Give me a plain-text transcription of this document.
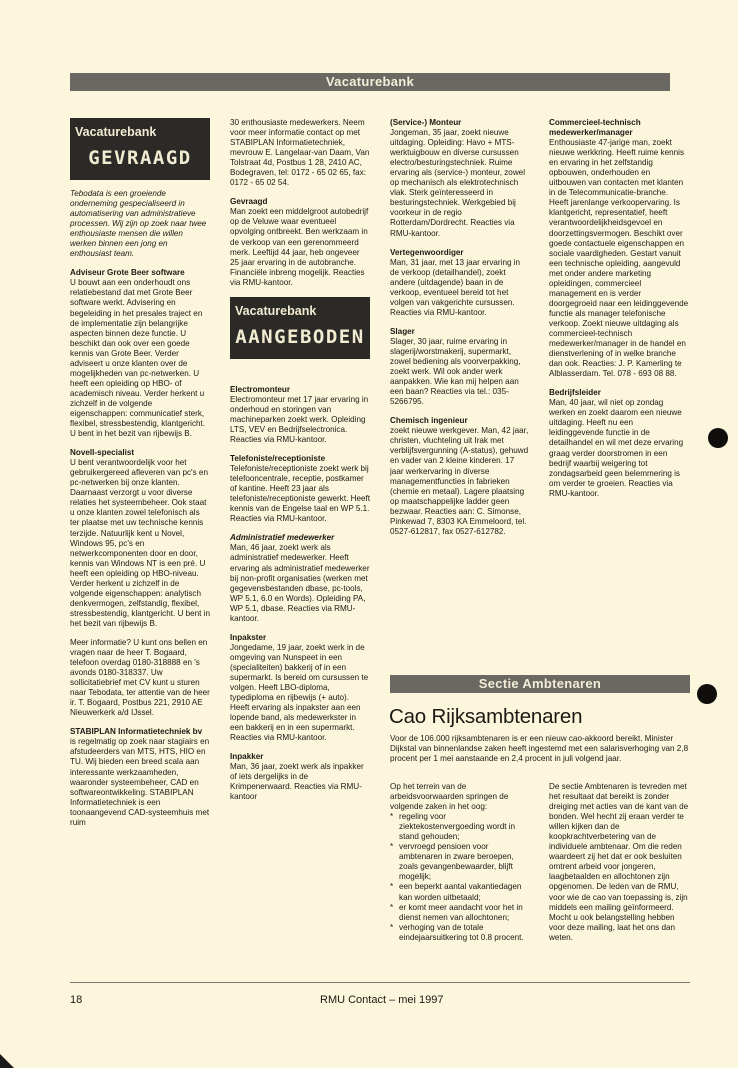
Vacaturebank
Vacaturebank
GEVRAAGD

Tebodata is een groeiende onderneming gespecialiseerd in automatisering van administratieve processen. Wij zijn op zoek naar twee enthousiaste mensen die willen werken binnen een jong en enthousiast team.

Adviseur Grote Beer software
U bouwt aan een onderhoudt ons relatiebestand dat met Grote Beer software werkt. Advisering en begeleiding in het presales traject en de implementatie zijn belangrijke aspecten binnen deze functie. U beschikt dan ook over een goede kennis van Grote Beer. Verder adviseert u onze klanten over de mogelijkheden van pc-netwerken. U heeft een opleiding op HBO- of academisch niveau. Verder herkent u zichzelf in de volgende eigenschappen: communicatief sterk, flexibel, stressbestendig, klantgericht. U bent in het bezit van rijbewijs B.

Novell-specialist
U bent verantwoordelijk voor het gebruikergereed afleveren van pc's en pc-netwerken bij onze klanten. Daarnaast verzorgt u voor diverse relaties het systeembeheer. Ook staat u onze klanten zowel telefonisch als ter plaatse met uw technische kennis terzijde. Natuurlijk kent u Novel, Windows 95, pc's en netwerkcomponenten door en door, kennis van Windows NT is een pré. U heeft een opleiding op HBO-niveau. Verder herkent u zichzelf in de volgende eigenschappen: analytisch denkvermogen, zelfstandig, flexibel, stressbestendig, klantgericht. U bent in het bezit van rijbewijs B.

Meer informatie? U kunt ons bellen en vragen naar de heer T. Bogaard, telefoon overdag 0180-318888 en 's avonds 0180-318337. Uw sollicitatiebrief met CV kunt u sturen naar Tebodata, ter attentie van de heer ir. T. Bogaard, Postbus 221, 2910 AE Nieuwerkerk a/d IJssel.

STABIPLAN Informatietechniek bv is regelmatig op zoek naar stagiairs en afstudeerders van MTS, HTS, HIO en TU. Wij bieden een breed scala aan interessante werkzaamheden, waaronder systeembeheer, CAD en softwareontwikkeling. STABIPLAN Informatietechniek is een toonaangevend CAD-systeemhuis met ruim

30 enthousiaste medewerkers. Neem voor meer informatie contact op met STABIPLAN Informatietechniek, mevrouw E. Langelaar-van Daam, Van Tolstraat 4d, Postbus 1 28, 2410 AC, Bodegraven, tel: 0172 - 65 02 65, fax: 0172 - 65 02 54.

Gevraagd
Man zoekt een middelgroot autobedrijf op de Veluwe waar eventueel opvolging ontbreekt. Ben werkzaam in de verkoop van een gerenommeerd merk. Leeftijd 44 jaar, heb ongeveer 25 jaar ervaring in de autobranche. Financiële inbreng mogelijk. Reacties via RMU-kantoor.

Vacaturebank
AANGEBODEN

Electromonteur
Electromonteur met 17 jaar ervaring in onderhoud en storingen van machineparken zoekt werk. Opleiding LTS, VEV en Bedrijfselectronica. Reacties via RMU-kantoor.

Telefoniste/receptioniste
Telefoniste/receptioniste zoekt werk bij telefooncentrale, receptie, postkamer of kantine. Heeft 23 jaar als telefoniste/receptioniste gewerkt. Heeft kennis van de Engelse taal en WP 5.1. Reacties via RMU-kantoor.

Administratief medewerker
Man, 46 jaar, zoekt werk als administratief medewerker. Heeft ervaring als administratief medewerker bij non-profit organisaties (werken met gegevensbestanden dbase, pc-tools, WP 5.1, 6.0 en Words). Opleiding PA, WP 5.1, dbase. Reacties via RMU-kantoor.

Inpakster
Jongedame, 19 jaar, zoekt werk in de omgeving van Nunspeet in een (specialiteiten) bakkerij of in een supermarkt. Is bereid om cursussen te volgen. Heeft LBO-diploma, typediploma en rijbewijs (+ auto). Heeft ervaring als inpakster aan een lopende band, als medewerkster in een bakkerij en in een supermarkt. Reacties via RMU-kantoor.

Inpakker
Man, 36 jaar, zoekt werk als inpakker of iets dergelijks in de Krimpenerwaard. Reacties via RMU-kantoor

(Service-) Monteur
Jongeman, 35 jaar, zoekt nieuwe uitdaging. Opleiding: Havo + MTS-werktuigbouw en diverse cursussen electro/besturingstechniek. Ruime ervaring als (service-) monteur, zowel op mechanisch als elektrotechnisch vlak. Sterk geïnteresseerd in besturingstechniek. Werkgebied bij voorkeur in de regio Rotterdam/Dordrecht. Reacties via RMU-kantoor.

Vertegenwoordiger
Man, 31 jaar, met 13 jaar ervaring in de verkoop (detailhandel), zoekt andere (uitdagende) baan in de verkoop, eventueel bereid tot het volgen van vakgerichte cursussen. Reacties via RMU-kantoor.

Slager
Slager, 30 jaar, ruime ervaring in slagerij/worstmakerij, supermarkt, zowel bediening als voorverpakking, zoekt werk. Wil ook ander werk aanpakken. Wie kan mij helpen aan een baan? Reacties via tel.: 035-5266795.

Chemisch ingenieur
zoekt nieuwe werkgever. Man, 42 jaar, christen, vluchteling uit Irak met verblijfsvergunning (A-status), gehuwd en vader van 2 kleine kinderen. 17 jaar werkervaring in diverse managementfuncties in fabrieken (chemie en metaal). Lagere plaatsing op maatschappelijke ladder geen bezwaar. Reacties aan: C. Simonse, Pinkewad 7, 8303 KA Emmeloord, tel. 0527-612817, fax 0527-612782.

Commercieel-technisch medewerker/manager
Enthousiaste 47-jarige man, zoekt nieuwe werkkring. Heeft ruime kennis en ervaring in het zelfstandig opbouwen, onderhouden en uitbouwen van contacten met klanten in de Telecommunicatie-branche. Heeft jarenlange verkoopervaring. Is klantgericht, representatief, heeft verantwoordelijkheidsgevoel en doorzettingsvermogen. Beschikt over goede contactuele eigenschappen en sociale vaardigheden. Gestart vanuit een technische opleiding, aangevuld met onder andere marketing opleidingen, commercieel management en is verder doorgegroeid naar een leidinggevende functie als manager telefonische verkoop. Zoekt nieuwe uitdaging als commercieel-technisch medewerker/manager in de handel en dienstverlening of in welke branche dan ook. Reacties: J. P. Kamerling te Alblasserdam. Tel. 078 - 693 08 88.

Bedrijfsleider
Man, 40 jaar, wil niet op zondag werken en zoekt daarom een nieuwe uitdaging. Heeft nu een leidinggevende functie in de detailhandel en wil met deze ervaring graag verder doorstromen in een bedrijf waarbij weigering tot zondagsarbeid geen belemmering is om verder te groeien. Reacties via RMU-kantoor.

Sectie Ambtenaren
Cao Rijksambtenaren
Voor de 106.000 rijksambtenaren is er een nieuw cao-akkoord bereikt. Minister Dijkstal van binnenlandse zaken heeft ingestemd met een salarisverhoging van 2,8 procent per 1 mei aanstaande en 2,4 procent in juli volgend jaar.
Op het terrein van de arbeidsvoorwaarden springen de volgende zaken in het oog:
* regeling voor ziektekostenvergoeding wordt in stand gehouden;
* vervroegd pensioen voor ambtenaren in zware beroepen, zoals gevangenbewaarder, blijft mogelijk;
* een beperkt aantal vakantiedagen kan worden uitbetaald;
* er komt meer aandacht voor het in dienst nemen van allochtonen;
* verhoging van de totale eindejaarsuitkering tot 0.8 procent.
De sectie Ambtenaren is tevreden met het resultaat dat bereikt is zonder dreiging met acties van de kant van de bonden. Wel hecht zij eraan verder te willen kijken dan de koopkrachtverbetering van de individuele ambtenaar. Om die reden waardeert zij het dat er ook besluiten omtrent arbeid voor jongeren, laagbetaalden en allochtonen zijn opgenomen. De leden van de RMU, voor wie de cao van toepassing is, zijn middels een mailing geïnformeerd. Mocht u ook belangstelling hebben voor deze mailing, laat het ons dan weten.
18	RMU Contact – mei 1997
